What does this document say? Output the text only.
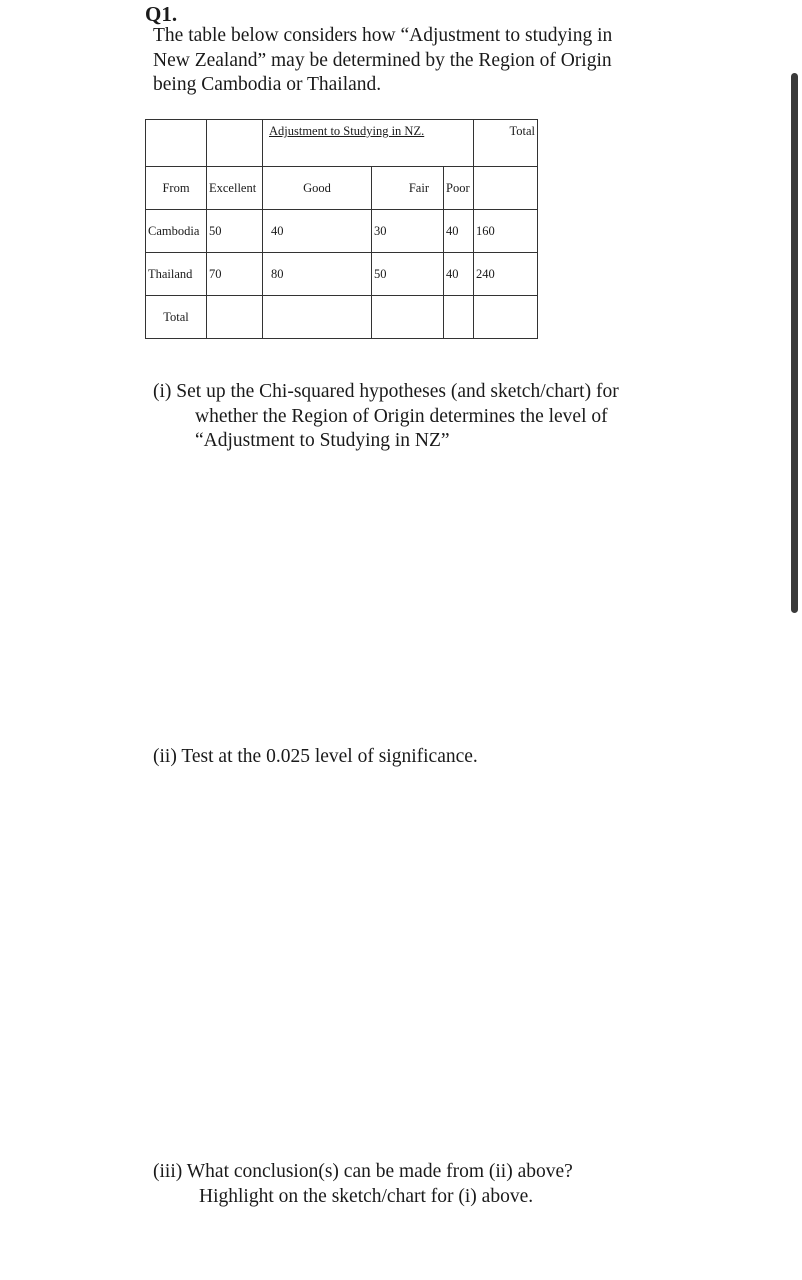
Q1.
The table below considers how “Adjustment to studying in
New Zealand” may be determined by the Region of Origin
being Cambodia or Thailand.
		Adjustment to Studying in NZ.			Total
From	Excellent	Good	Fair	Poor	
Cambodia	50	40	30	40	160
Thailand	70	80	50	40	240
Total					
(i) Set up the Chi-squared hypotheses (and sketch/chart) for
whether the Region of Origin determines the level of
“Adjustment to Studying in NZ”
(ii) Test at the 0.025 level of significance.
(iii) What conclusion(s) can be made from (ii) above?
Highlight on the sketch/chart for (i) above.
